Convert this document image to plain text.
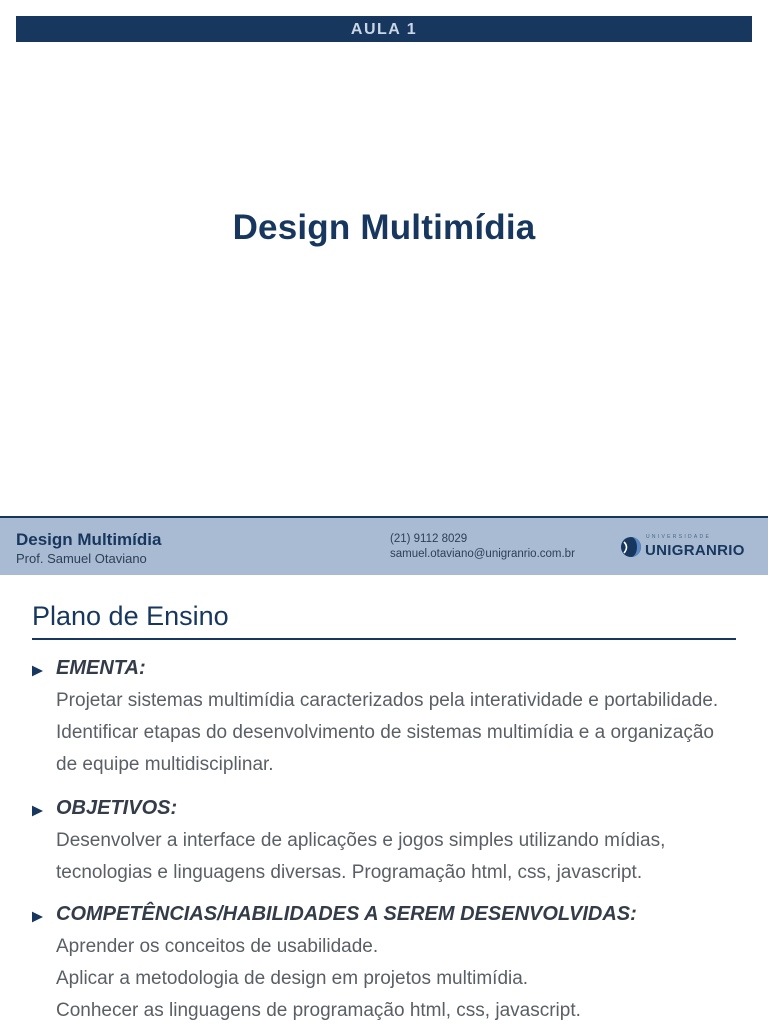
AULA 1
Design Multimídia
Design Multimídia
Prof. Samuel Otaviano
(21) 9112 8029
samuel.otaviano@unigranrio.com.br
UNIVERSIDADE
UNIGRANRIO
Plano de Ensino
EMENTA:
Projetar sistemas multimídia caracterizados pela interatividade e portabilidade.
Identificar etapas do desenvolvimento de sistemas multimídia e a organização
de equipe multidisciplinar.
OBJETIVOS:
Desenvolver a interface de aplicações e jogos simples utilizando mídias,
tecnologias e linguagens diversas. Programação html, css, javascript.
COMPETÊNCIAS/HABILIDADES A SEREM DESENVOLVIDAS:
Aprender os conceitos de usabilidade.
Aplicar a metodologia de design em projetos multimídia.
Conhecer as linguagens de programação html, css, javascript.
